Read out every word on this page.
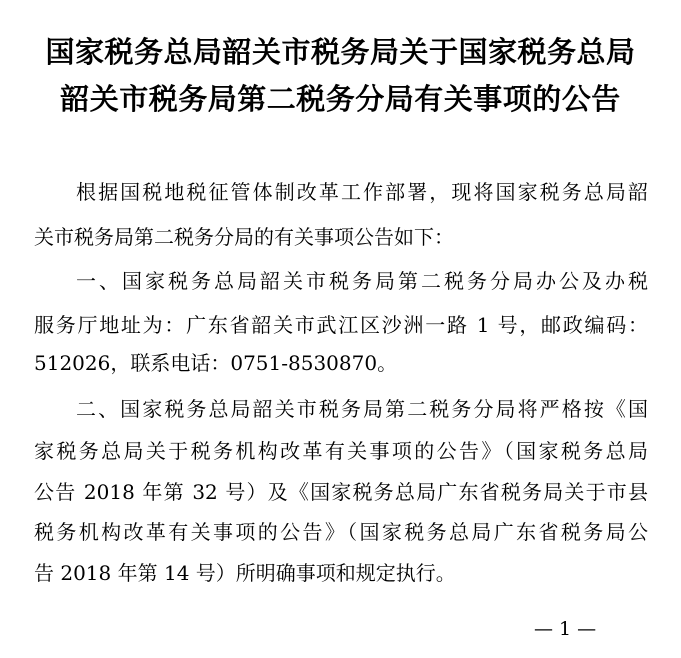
国家税务总局韶关市税务局关于国家税务总局
韶关市税务局第二税务分局有关事项的公告
根据国税地税征管体制改革工作部署，现将国家税务总局韶
关市税务局第二税务分局的有关事项公告如下：
一、国家税务总局韶关市税务局第二税务分局办公及办税
服务厅地址为：广东省韶关市武江区沙洲一路 1 号，邮政编码：
512026，联系电话：0751-8530870。
二、国家税务总局韶关市税务局第二税务分局将严格按《国
家税务总局关于税务机构改革有关事项的公告》（国家税务总局
公告 2018 年第 32 号）及《国家税务总局广东省税务局关于市县
税务机构改革有关事项的公告》（国家税务总局广东省税务局公
告 2018 年第 14 号）所明确事项和规定执行。
— 1 —
